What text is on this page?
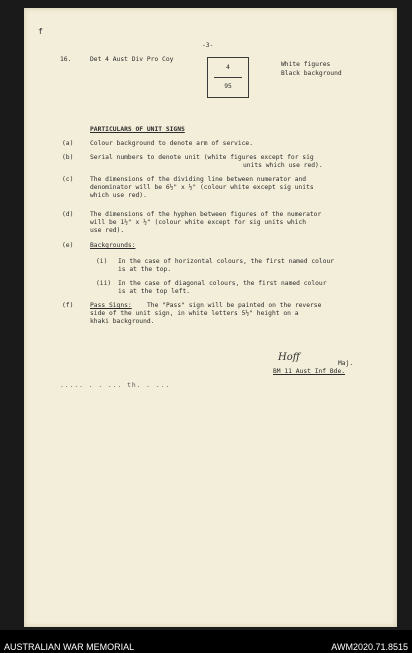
f
-3-
16.	Det 4 Aust Div Pro Coy
4
95
White figures
Black background
PARTICULARS OF UNIT SIGNS
(a)	Colour background to denote arm of service.
(b)	Serial numbers to denote unit (white figures except for sig
units which use red).
(c)	The dimensions of the dividing line between numerator and
denominator will be 6½" x ½" (colour white except sig units
which use red).
(d)	The dimensions of the hyphen between figures of the numerator
will be 1½" x ½" (colour white except for sig units which
use red).
(e)	Backgrounds:
(i) In the case of horizontal colours, the first named colour
is at the top.
(ii) In the case of diagonal colours, the first named colour
is at the top left.
(f)	Pass Signs: The "Pass" sign will be painted on the reverse
side of the unit sign, in white letters 5½" height on a
khaki background.
Hoff
Maj.
BM 11 Aust Inf Bde.
..... . . ... th. . ...
AUSTRALIAN WAR MEMORIAL	AWM2020.71.8515
